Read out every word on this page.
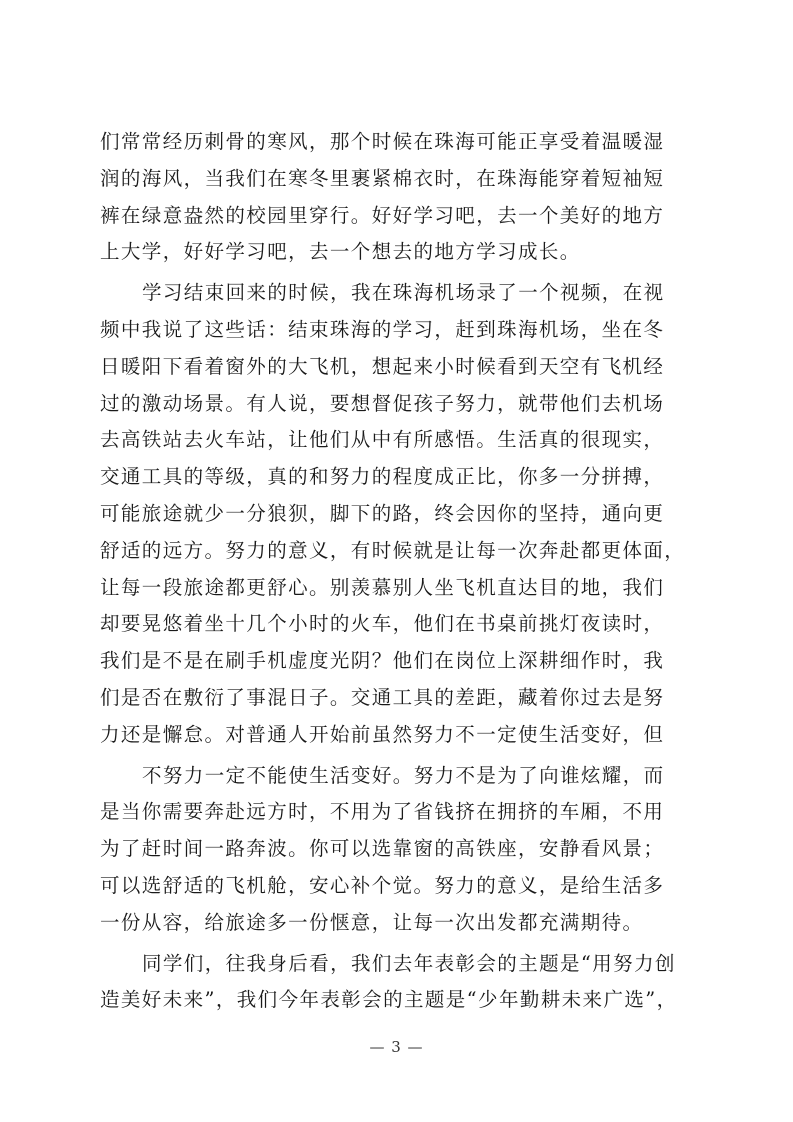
们常常经历刺骨的寒风，那个时候在珠海可能正享受着温暖湿
润的海风，当我们在寒冬里裹紧棉衣时，在珠海能穿着短袖短
裤在绿意盎然的校园里穿行。好好学习吧，去一个美好的地方
上大学，好好学习吧，去一个想去的地方学习成长。
学习结束回来的时候，我在珠海机场录了一个视频，在视
频中我说了这些话：结束珠海的学习，赶到珠海机场，坐在冬
日暖阳下看着窗外的大飞机，想起来小时候看到天空有飞机经
过的激动场景。有人说，要想督促孩子努力，就带他们去机场
去高铁站去火车站，让他们从中有所感悟。生活真的很现实，
交通工具的等级，真的和努力的程度成正比，你多一分拼搏，
可能旅途就少一分狼狈，脚下的路，终会因你的坚持，通向更
舒适的远方。努力的意义，有时候就是让每一次奔赴都更体面，
让每一段旅途都更舒心。别羡慕别人坐飞机直达目的地，我们
却要晃悠着坐十几个小时的火车，他们在书桌前挑灯夜读时，
我们是不是在刷手机虚度光阴？他们在岗位上深耕细作时，我
们是否在敷衍了事混日子。交通工具的差距，藏着你过去是努
力还是懈怠。对普通人开始前虽然努力不一定使生活变好，但
不努力一定不能使生活变好。努力不是为了向谁炫耀，而
是当你需要奔赴远方时，不用为了省钱挤在拥挤的车厢，不用
为了赶时间一路奔波。你可以选靠窗的高铁座，安静看风景；
可以选舒适的飞机舱，安心补个觉。努力的意义，是给生活多
一份从容，给旅途多一份惬意，让每一次出发都充满期待。
同学们，往我身后看，我们去年表彰会的主题是“用努力创
造美好未来”，我们今年表彰会的主题是“少年勤耕未来广选”，
— 3 —
